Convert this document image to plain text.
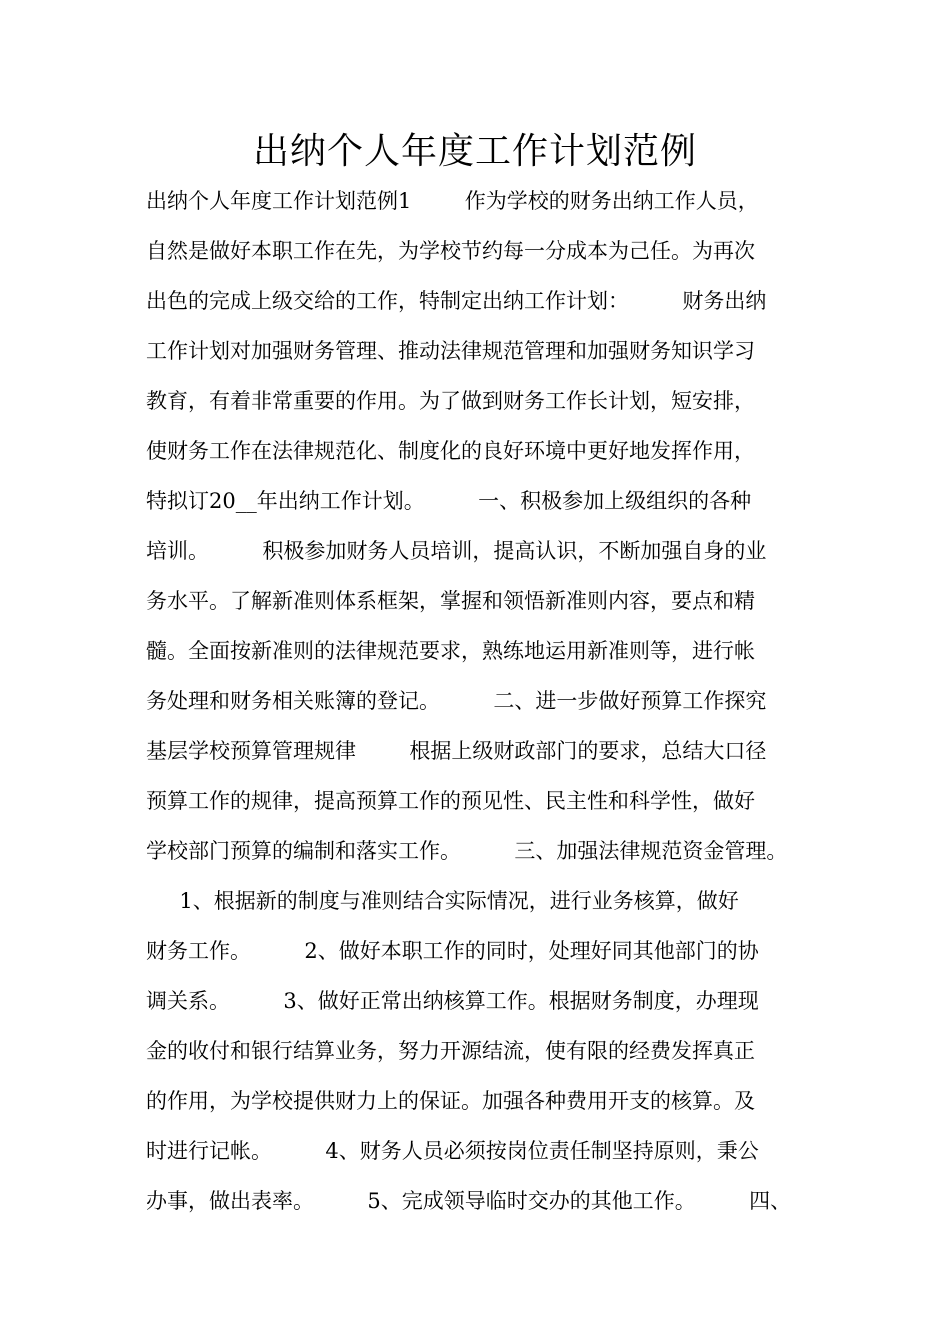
出纳个人年度工作计划范例
出纳个人年度工作计划范例1        作为学校的财务出纳工作人员，
自然是做好本职工作在先，为学校节约每一分成本为己任。为再次
出色的完成上级交给的工作，特制定出纳工作计划：        财务出纳
工作计划对加强财务管理、推动法律规范管理和加强财务知识学习
教育，有着非常重要的作用。为了做到财务工作长计划，短安排，
使财务工作在法律规范化、制度化的良好环境中更好地发挥作用，
特拟订20__年出纳工作计划。        一、积极参加上级组织的各种
培训。        积极参加财务人员培训，提高认识，不断加强自身的业
务水平。了解新准则体系框架，掌握和领悟新准则内容，要点和精
髓。全面按新准则的法律规范要求，熟练地运用新准则等，进行帐
务处理和财务相关账簿的登记。        二、进一步做好预算工作探究
基层学校预算管理规律        根据上级财政部门的要求，总结大口径
预算工作的规律，提高预算工作的预见性、民主性和科学性，做好
学校部门预算的编制和落实工作。        三、加强法律规范资金管理。
1、根据新的制度与准则结合实际情况，进行业务核算，做好
财务工作。        2、做好本职工作的同时，处理好同其他部门的协
调关系。        3、做好正常出纳核算工作。根据财务制度，办理现
金的收付和银行结算业务，努力开源结流，使有限的经费发挥真正
的作用，为学校提供财力上的保证。加强各种费用开支的核算。及
时进行记帐。        4、财务人员必须按岗位责任制坚持原则，秉公
办事，做出表率。        5、完成领导临时交办的其他工作。        四、
